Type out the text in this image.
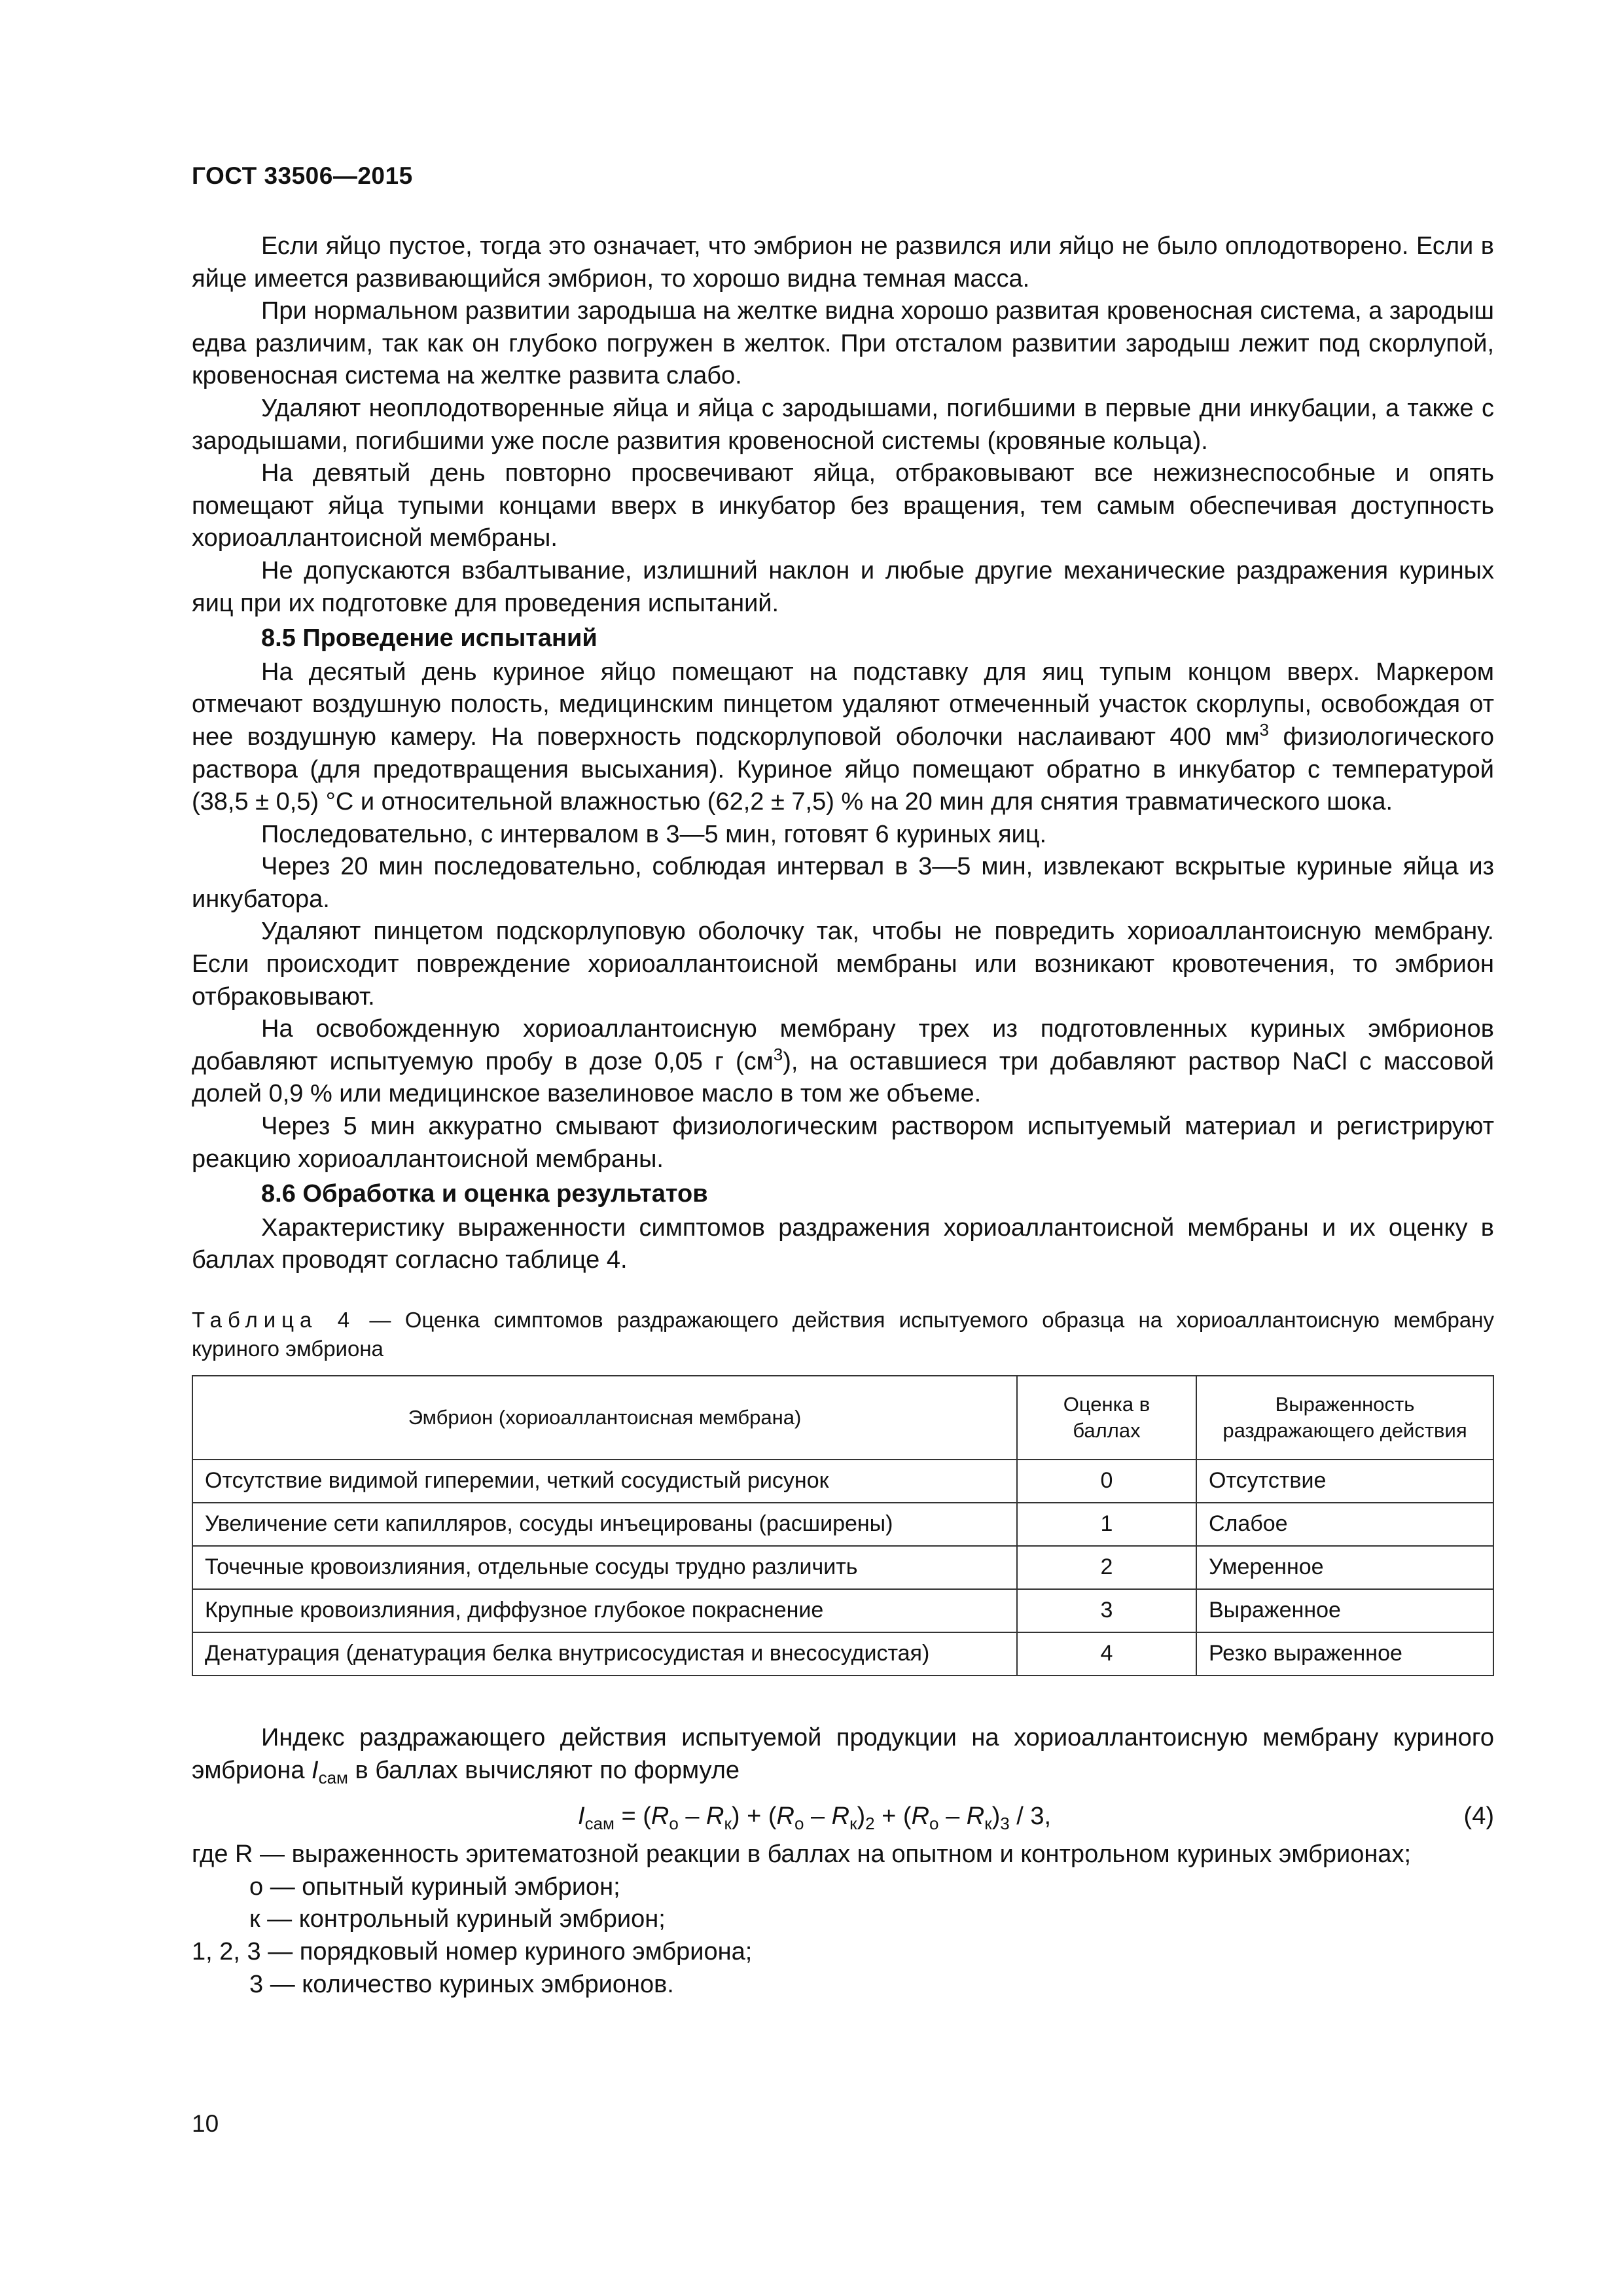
ГОСТ 33506—2015

Если яйцо пустое, тогда это означает, что эмбрион не развился или яйцо не было оплодотворено. Если в яйце имеется развивающийся эмбрион, то хорошо видна темная масса.

При нормальном развитии зародыша на желтке видна хорошо развитая кровеносная система, а зародыш едва различим, так как он глубоко погружен в желток. При отсталом развитии зародыш лежит под скорлупой, кровеносная система на желтке развита слабо.

Удаляют неоплодотворенные яйца и яйца с зародышами, погибшими в первые дни инкубации, а также с зародышами, погибшими уже после развития кровеносной системы (кровяные кольца).

На девятый день повторно просвечивают яйца, отбраковывают все нежизнеспособные и опять помещают яйца тупыми концами вверх в инкубатор без вращения, тем самым обеспечивая доступность хориоаллантоисной мембраны.

Не допускаются взбалтывание, излишний наклон и любые другие механические раздражения куриных яиц при их подготовке для проведения испытаний.

8.5 Проведение испытаний

На десятый день куриное яйцо помещают на подставку для яиц тупым концом вверх. Маркером отмечают воздушную полость, медицинским пинцетом удаляют отмеченный участок скорлупы, освобождая от нее воздушную камеру. На поверхность подскорлуповой оболочки наслаивают 400 $мм^3$ физиологического раствора (для предотвращения высыхания). Куриное яйцо помещают обратно в инкубатор с температурой (38,5 ± 0,5) °С и относительной влажностью (62,2 ± 7,5) % на 20 мин для снятия травматического шока.

Последовательно, с интервалом в 3—5 мин, готовят 6 куриных яиц.

Через 20 мин последовательно, соблюдая интервал в 3—5 мин, извлекают вскрытые куриные яйца из инкубатора.

Удаляют пинцетом подскорлуповую оболочку так, чтобы не повредить хориоаллантоисную мембрану. Если происходит повреждение хориоаллантоисной мембраны или возникают кровотечения, то эмбрион отбраковывают.

На освобожденную хориоаллантоисную мембрану трех из подготовленных куриных эмбрионов добавляют испытуемую пробу в дозе 0,05 г $(см^3)$, на оставшиеся три добавляют раствор NaCl с массовой долей 0,9 % или медицинское вазелиновое масло в том же объеме.

Через 5 мин аккуратно смывают физиологическим раствором испытуемый материал и регистрируют реакцию хориоаллантоисной мембраны.

8.6 Обработка и оценка результатов

Характеристику выраженности симптомов раздражения хориоаллантоисной мембраны и их оценку в баллах проводят согласно таблице 4.

Таблица 4 — Оценка симптомов раздражающего действия испытуемого образца на хориоаллантоисную мембрану куриного эмбриона
Эмбрион (хориоаллантоисная мембрана)	Оценка в баллах	Выраженность раздражающего действия
Отсутствие видимой гиперемии, четкий сосудистый рисунок	0	Отсутствие
Увеличение сети капилляров, сосуды инъецированы (расширены)	1	Слабое
Точечные кровоизлияния, отдельные сосуды трудно различить	2	Умеренное
Крупные кровоизлияния, диффузное глубокое покраснение	3	Выраженное
Денатурация (денатурация белка внутрисосудистая и внесосудистая)	4	Резко выраженное

Индекс раздражающего действия испытуемой продукции на хориоаллантоисную мембрану куриного эмбриона $I_{сам}$ в баллах вычисляют по формуле

$I_{сам} = (R_о - R_к) + (R_о - R_к)_2 + (R_о - R_к)_3 / 3$,	(4)
где R — выраженность эритематозной реакции в баллах на опытном и контрольном куриных эмбрионах;
о — опытный куриный эмбрион;
к — контрольный куриный эмбрион;
1, 2, 3 — порядковый номер куриного эмбриона;
3 — количество куриных эмбрионов.
10
